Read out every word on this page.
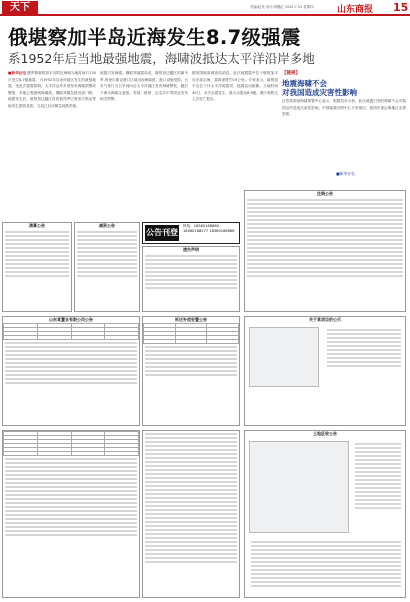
天下	责编/赵英 设计/刘璐红 2025.7.31 星期四	山东商报 15
俄堪察加半岛近海发生8.7级强震
系1952年后当地最强地震，海啸波抵达太平洋沿岸多地
■新华社电 俄罗斯堪察加半岛附近海域当地时间7月30日发生8.7级地震，为1952年以来该地区发生的最强地震。受此次强震影响，太平洋沿岸多国发布海啸预警或警报，多地已观测到海啸波。俄联邦紧急情况部门称，地震发生后，堪察加边疆区首府彼得罗巴甫洛夫斯克等地发生建筑受损。当局已启动紧急疏散预案。
地震引发海啸。俄联邦地震局说，堪察加边疆区的谢韦罗-库里尔斯克港口区域出现海啸波，港口设施受损。日本气象厅当日早间向沿太平洋地区发布海啸警报，随后下调为海啸注意报。美国、秘鲁、厄瓜多尔等国也发布相关预警。
据美国地质调查局消息，此次地震震中位于堪察加半岛东部沿海，震源深度约19公里。专家表示，堪察加半岛位于环太平洋地震带，地震活动频繁。当地时间30日，多次余震发生，最大余震达6.9级。俄方称暂无人员死亡报告。
【链接】
地震海啸不会
对我国造成灾害性影响
自然资源部海啸预警中心表示，根据初步分析，此次地震引发的海啸不会对我国沿岸造成灾害性影响。中国地震台网中心专家指出，我国东部沿海地区无需恐慌。
■新华社电
清算公告	减资公告
公告刊登
热线：18560168860 18560168577 18560168866
遗失声明
注销公告
山东某置业有限公司公告

				拆迁补偿安置公告

			关于某项目的公示

土地征收公告
